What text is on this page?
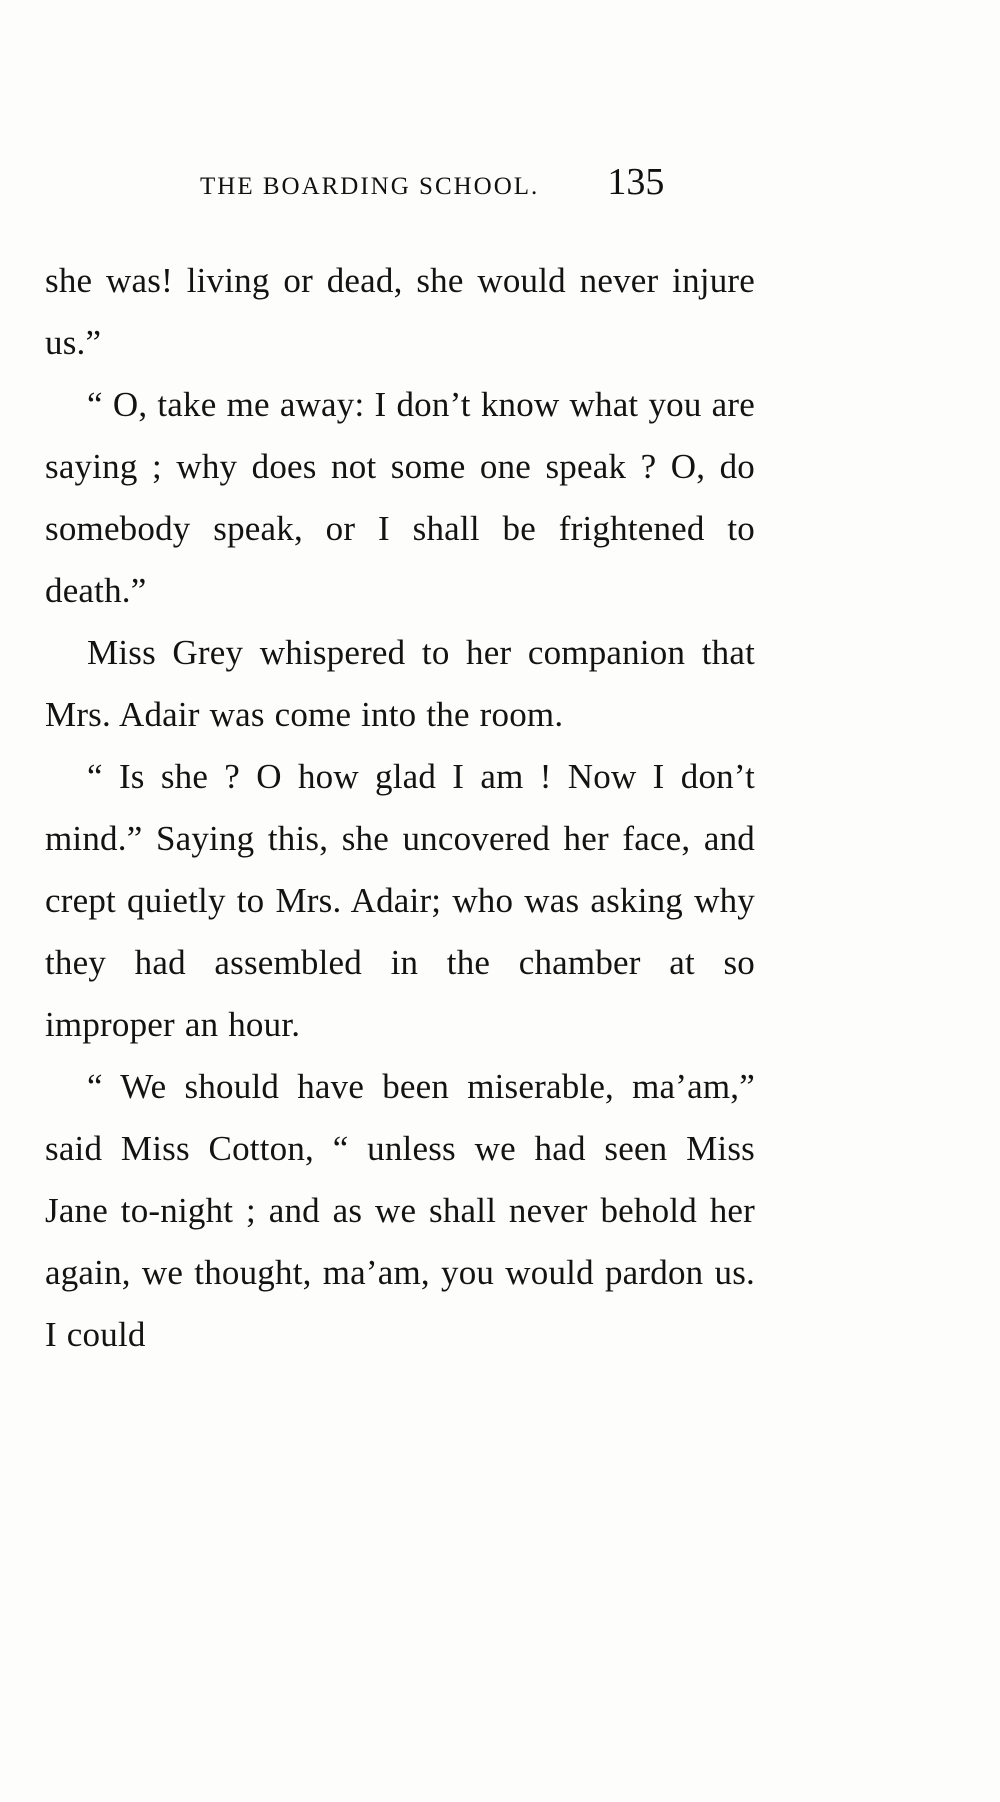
THE BOARDING SCHOOL. 135

she was! living or dead, she would never injure us.”

“ O, take me away: I don’t know what you are saying ; why does not some one speak ? O, do somebody speak, or I shall be frightened to death.”

Miss Grey whispered to her companion that Mrs. Adair was come into the room.

“ Is she ? O how glad I am ! Now I don’t mind.” Saying this, she uncovered her face, and crept quietly to Mrs. Adair; who was asking why they had assembled in the chamber at so improper an hour.

“ We should have been miserable, ma’am,” said Miss Cotton, “ unless we had seen Miss Jane to-night ; and as we shall never behold her again, we thought, ma’am, you would pardon us. I could
